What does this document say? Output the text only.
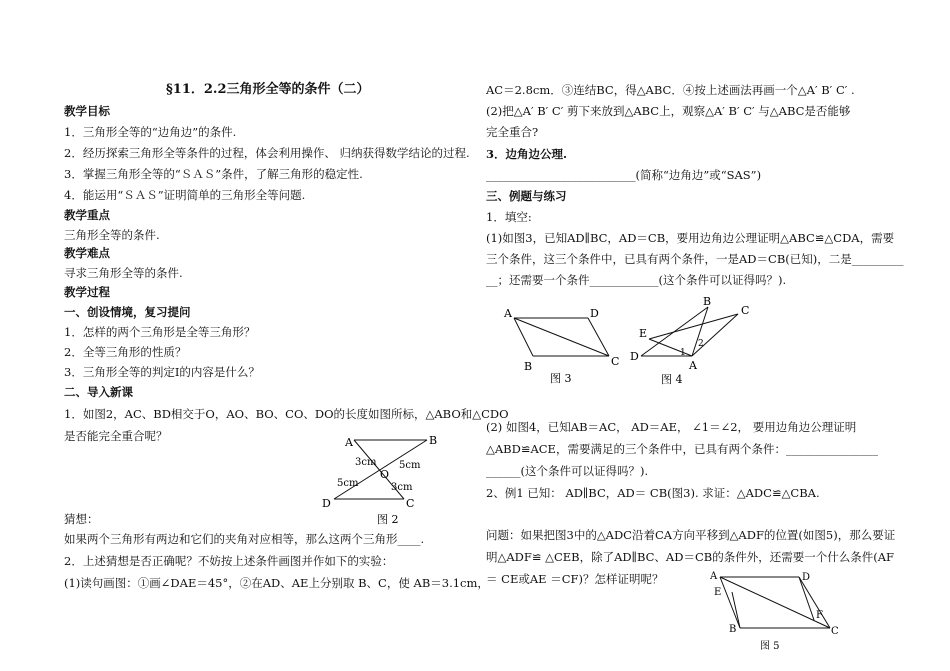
§11．2.2三角形全等的条件（二）
教学目标
1．三角形全等的“边角边”的条件.
2．经历探索三角形全等条件的过程，体会利用操作、 归纳获得数学结论的过程.
3．掌握三角形全等的“ＳＡＳ”条件，了解三角形的稳定性.
4．能运用“ＳＡＳ”证明简单的三角形全等问题.
教学重点
三角形全等的条件.
教学难点
寻求三角形全等的条件.
教学过程
一、创设情境，复习提问
1．怎样的两个三角形是全等三角形？
2．全等三角形的性质？
3．三角形全等的判定Ⅰ的内容是什么？
二、导入新课
1．如图2，AC、BD相交于O，AO、BO、CO、DO的长度如图所标，△ABO和△CDO
是否能完全重合呢？	A	B
C
D
O
3cm 5cm
5cm	3cm
图 2
猜想：
如果两个三角形有两边和它们的夹角对应相等，那么这两个三角形____.
2．上述猜想是否正确呢？不妨按上述条件画图并作如下的实验：
(1)读句画图：①画∠DAE＝45°，②在AD、AE上分别取 B、C，使 AB＝3.1cm，
AC＝2.8cm．③连结BC，得△ABC．④按上述画法再画一个△A′ B′ C′ .
(2)把△A′ B′ C′ 剪下来放到△ABC上，观察△A′ B′ C′ 与△ABC是否能够
完全重合?
3．边角边公理.
__________________________(简称“边角边”或“SAS”)
三、例题与练习
1．填空:
(1)如图3，已知AD∥BC，AD＝CB，要用边角边公理证明△ABC≌△CDA，需要
三个条件，这三个条件中，已具有两个条件，一是AD＝CB(已知)，二是_________
__；还需要一个条件____________(这个条件可以证得吗？).
A	D
B	C
图 3
B
C
E
D
A
1
2
图 4
(2) 如图4，已知AB＝AC， AD＝AE， ∠1＝∠2， 要用边角边公理证明
△ABD≌ACE，需要满足的三个条件中，已具有两个条件：________________
______(这个条件可以证得吗？).
2、例1 已知： AD∥BC，AD＝ CB(图3). 求证：△ADC≌△CBA.
问题：如果把图3中的△ADC沿着CA方向平移到△ADF的位置(如图5)，那么要证
明△ADF≌ △CEB，除了AD∥BC、AD＝CB的条件外，还需要一个什么条件(AF
＝ CE或AE ＝CF)？怎样证明呢？	A	D
E
F
B	C
图 5
